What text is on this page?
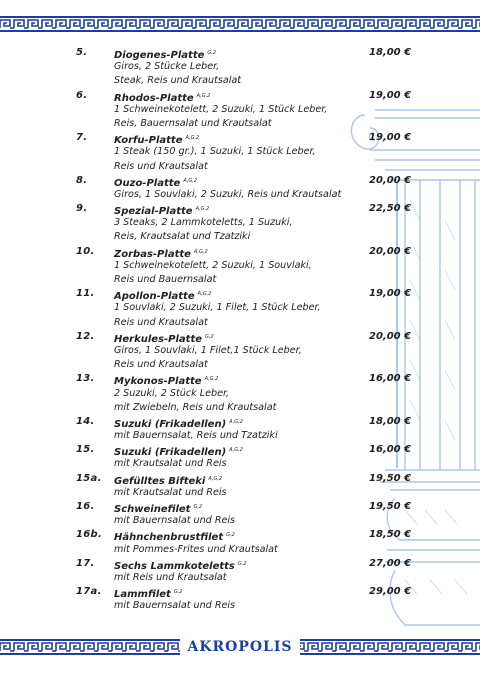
5.	Diogenes-Platte $^{G,2}$	18,00 €
Giros, 2 Stücke Leber,
Steak, Reis und Krautsalat
6.	Rhodos-Platte $^{A,G,2}$	19,00 €
1 Schweinekotelett, 2 Suzuki, 1 Stück Leber,
Reis, Bauernsalat und Krautsalat
7.	Korfu-Platte $^{A,G,2}$	19,00 €
1 Steak (150 gr.), 1 Suzuki, 1 Stück Leber,
Reis und Krautsalat
8.	Ouzo-Platte $^{A,G,2}$	20,00 €
Giros, 1 Souvlaki, 2 Suzuki, Reis und Krautsalat
9.	Spezial-Platte $^{A,G,2}$	22,50 €
3 Steaks, 2 Lammkoteletts, 1 Suzuki,
Reis, Krautsalat und Tzatziki
10. Zorbas-Platte $^{A,G,2}$	20,00 €
1 Schweinekotelett, 2 Suzuki, 1 Souvlaki,
Reis und Bauernsalat
11. Apollon-Platte $^{A,G,2}$	19,00 €
1 Souvlaki, 2 Suzuki, 1 Filet, 1 Stück Leber,
Reis und Krautsalat
12. Herkules-Platte $^{G,2}$	20,00 €
Giros, 1 Souvlaki, 1 Filet,1 Stück Leber,
Reis und Krautsalat
13. Mykonos-Platte $^{A,G,2}$	16,00 €
2 Suzuki, 2 Stück Leber,
mit Zwiebeln, Reis und Krautsalat
14. Suzuki (Frikadellen) $^{A,G,2}$	18,00 €
mit Bauernsalat, Reis und Tzatziki
15. Suzuki (Frikadellen) $^{A,G,2}$	16,00 €
mit Krautsalat und Reis
15a. Gefülltes Bifteki $^{A,G,2}$	19,50 €
mit Krautsalat und Reis
16. Schweinefilet $^{G,2}$	19,50 €
mit Bauernsalat und Reis
16b. Hähnchenbrustfilet $^{G,2}$	18,50 €
mit Pommes-Frites und Krautsalat
17. Sechs Lammkoteletts $^{G,2}$	27,00 €
mit Reis und Krautsalat
17a. Lammfilet $^{G,2}$	29,00 €
mit Bauernsalat und Reis
AKROPOLIS
